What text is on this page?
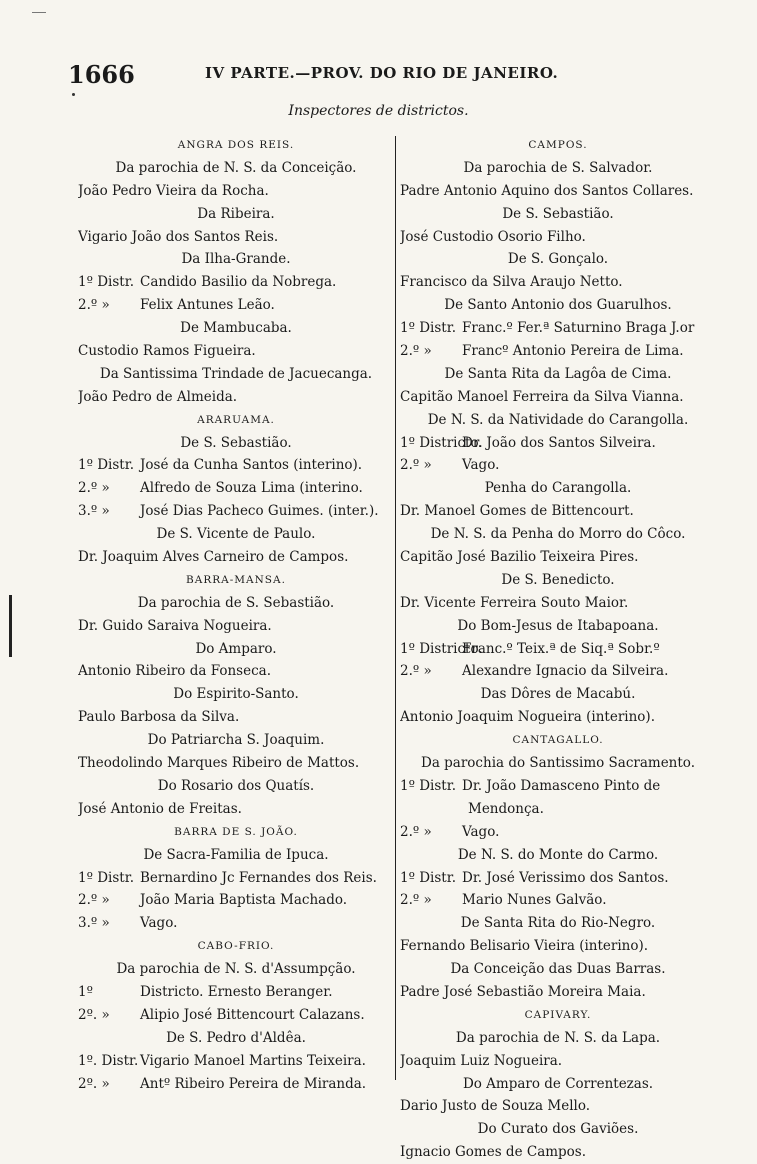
1666	IV PARTE.—PROV. DO RIO DE JANEIRO.
Inspectores de districtos.
ANGRA DOS REIS.
Da parochia de N. S. da Conceição.
João Pedro Vieira da Rocha.
Da Ribeira.
Vigario João dos Santos Reis.
Da Ilha-Grande.
1º Distr. Candido Basilio da Nobrega.
2.º » Felix Antunes Leão.
De Mambucaba.
Custodio Ramos Figueira.
Da Santissima Trindade de Jacuecanga.
João Pedro de Almeida.
ARARUAMA.
De S. Sebastião.
1º Distr. José da Cunha Santos (interino).
2.º » Alfredo de Souza Lima (interino.
3.º » José Dias Pacheco Guimes. (inter.).
De S. Vicente de Paulo.
Dr. Joaquim Alves Carneiro de Campos.
BARRA-MANSA.
Da parochia de S. Sebastião.
Dr. Guido Saraiva Nogueira.
Do Amparo.
Antonio Ribeiro da Fonseca.
Do Espirito-Santo.
Paulo Barbosa da Silva.
Do Patriarcha S. Joaquim.
Theodolindo Marques Ribeiro de Mattos.
Do Rosario dos Quatís.
José Antonio de Freitas.
BARRA DE S. JOÃO.
De Sacra-Familia de Ipuca.
1º Distr. Bernardino Jc Fernandes dos Reis.
2.º » João Maria Baptista Machado.
3.º » Vago.
CABO-FRIO.
Da parochia de N. S. d'Assumpção.
1º	Districto. Ernesto Beranger.
2º. » Alipio José Bittencourt Calazans.
De S. Pedro d'Aldêa.
1º. Distr. Vigario Manoel Martins Teixeira.
2º. » Antº Ribeiro Pereira de Miranda.
CAMPOS.
Da parochia de S. Salvador.
Padre Antonio Aquino dos Santos Collares.
De S. Sebastião.
José Custodio Osorio Filho.
De S. Gonçalo.
Francisco da Silva Araujo Netto.
De Santo Antonio dos Guarulhos.
1º Distr. Franc.º Fer.ª Saturnino Braga J.or
2.º » Francº Antonio Pereira de Lima.
De Santa Rita da Lagôa de Cima.
Capitão Manoel Ferreira da Silva Vianna.
De N. S. da Natividade do Carangolla.
1º Districto.Dr. João dos Santos Silveira.
2.º » Vago.
Penha do Carangolla.
Dr. Manoel Gomes de Bittencourt.
De N. S. da Penha do Morro do Côco.
Capitão José Bazilio Teixeira Pires.
De S. Benedicto.
Dr. Vicente Ferreira Souto Maior.
Do Bom-Jesus de Itabapoana.
1º Districto.Franc.º Teix.ª de Siq.ª Sobr.º
2.º » Alexandre Ignacio da Silveira.
Das Dôres de Macabú.
Antonio Joaquim Nogueira (interino).
CANTAGALLO.
Da parochia do Santissimo Sacramento.
1º Distr. Dr. João Damasceno Pinto de
Mendonça.
2.º » Vago.
De N. S. do Monte do Carmo.
1º Distr. Dr. José Verissimo dos Santos.
2.º » Mario Nunes Galvão.
De Santa Rita do Rio-Negro.
Fernando Belisario Vieira (interino).
Da Conceição das Duas Barras.
Padre José Sebastião Moreira Maia.
CAPIVARY.
Da parochia de N. S. da Lapa.
Joaquim Luiz Nogueira.
Do Amparo de Correntezas.
Dario Justo de Souza Mello.
Do Curato dos Gaviões.
Ignacio Gomes de Campos.
